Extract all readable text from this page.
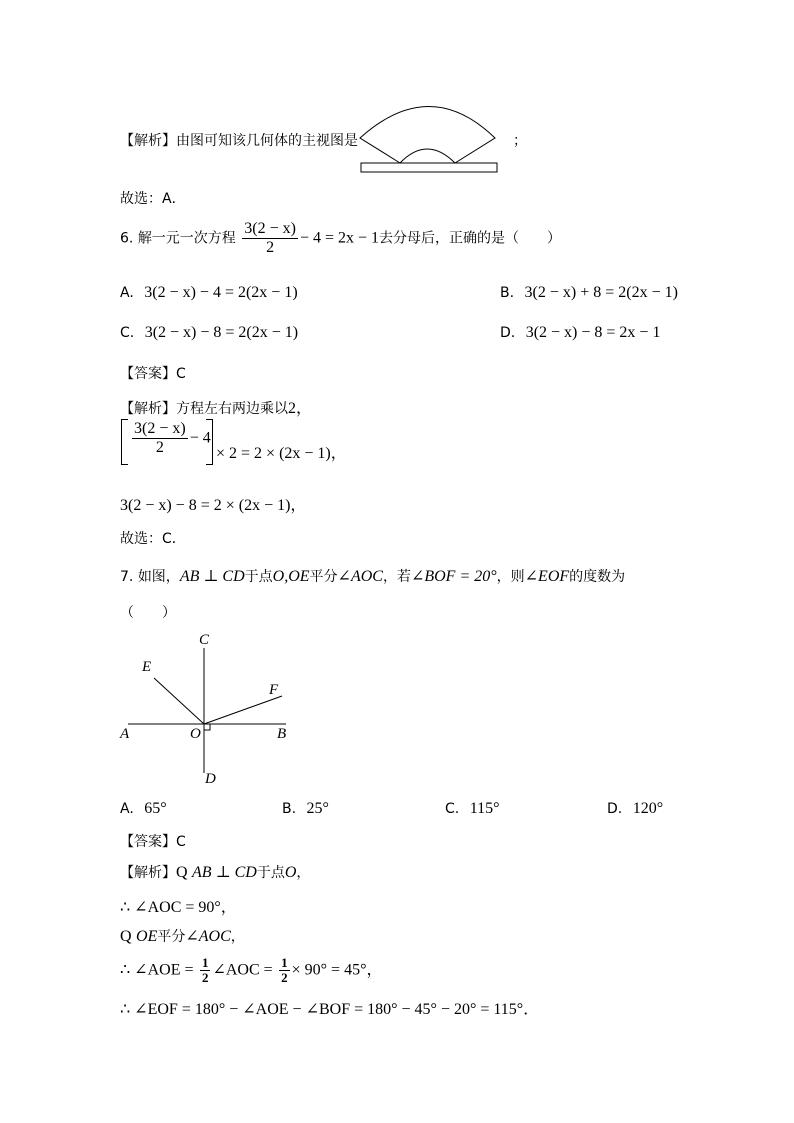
【解析】由图可知该几何体的主视图是	；
故选：A．
6. 解一元一次方程 $\frac{3(2 - x)}{2} - 4 = 2x - 1$去分母后，正确的是（　　）
A. 3(2 − x) − 4 = 2(2x − 1)	B. 3(2 − x) + 8 = 2(2x − 1)
C. 3(2 − x) − 8 = 2(2x − 1)	D. 3(2 − x) − 8 = 2x − 1
【答案】C
【解析】方程左右两边乘以2，
$\frac{3(2 - x)}{2} - 4$
× 2 = 2 × (2x − 1)，
3(2 − x) − 8 = 2 × (2x − 1)，
故选：C．
7. 如图，AB ⊥ CD于点O,OE平分∠AOC，若∠BOF = 20°，则∠EOF的度数为
（　　）
C
E
F
A	O	B
D
A. 65°	B. 25°	C. 115°	D. 120°
【答案】C
【解析】Q AB ⊥ CD于点O，
∴ ∠AOC = 90°，
Q OE平分∠AOC，
∴ ∠AOE = $\frac{1}{2}$ ∠AOC = $\frac{1}{2} \times 90^\circ = 45^\circ$，
∴ ∠EOF = 180° − ∠AOE − ∠BOF = 180° − 45° − 20° = 115°．
